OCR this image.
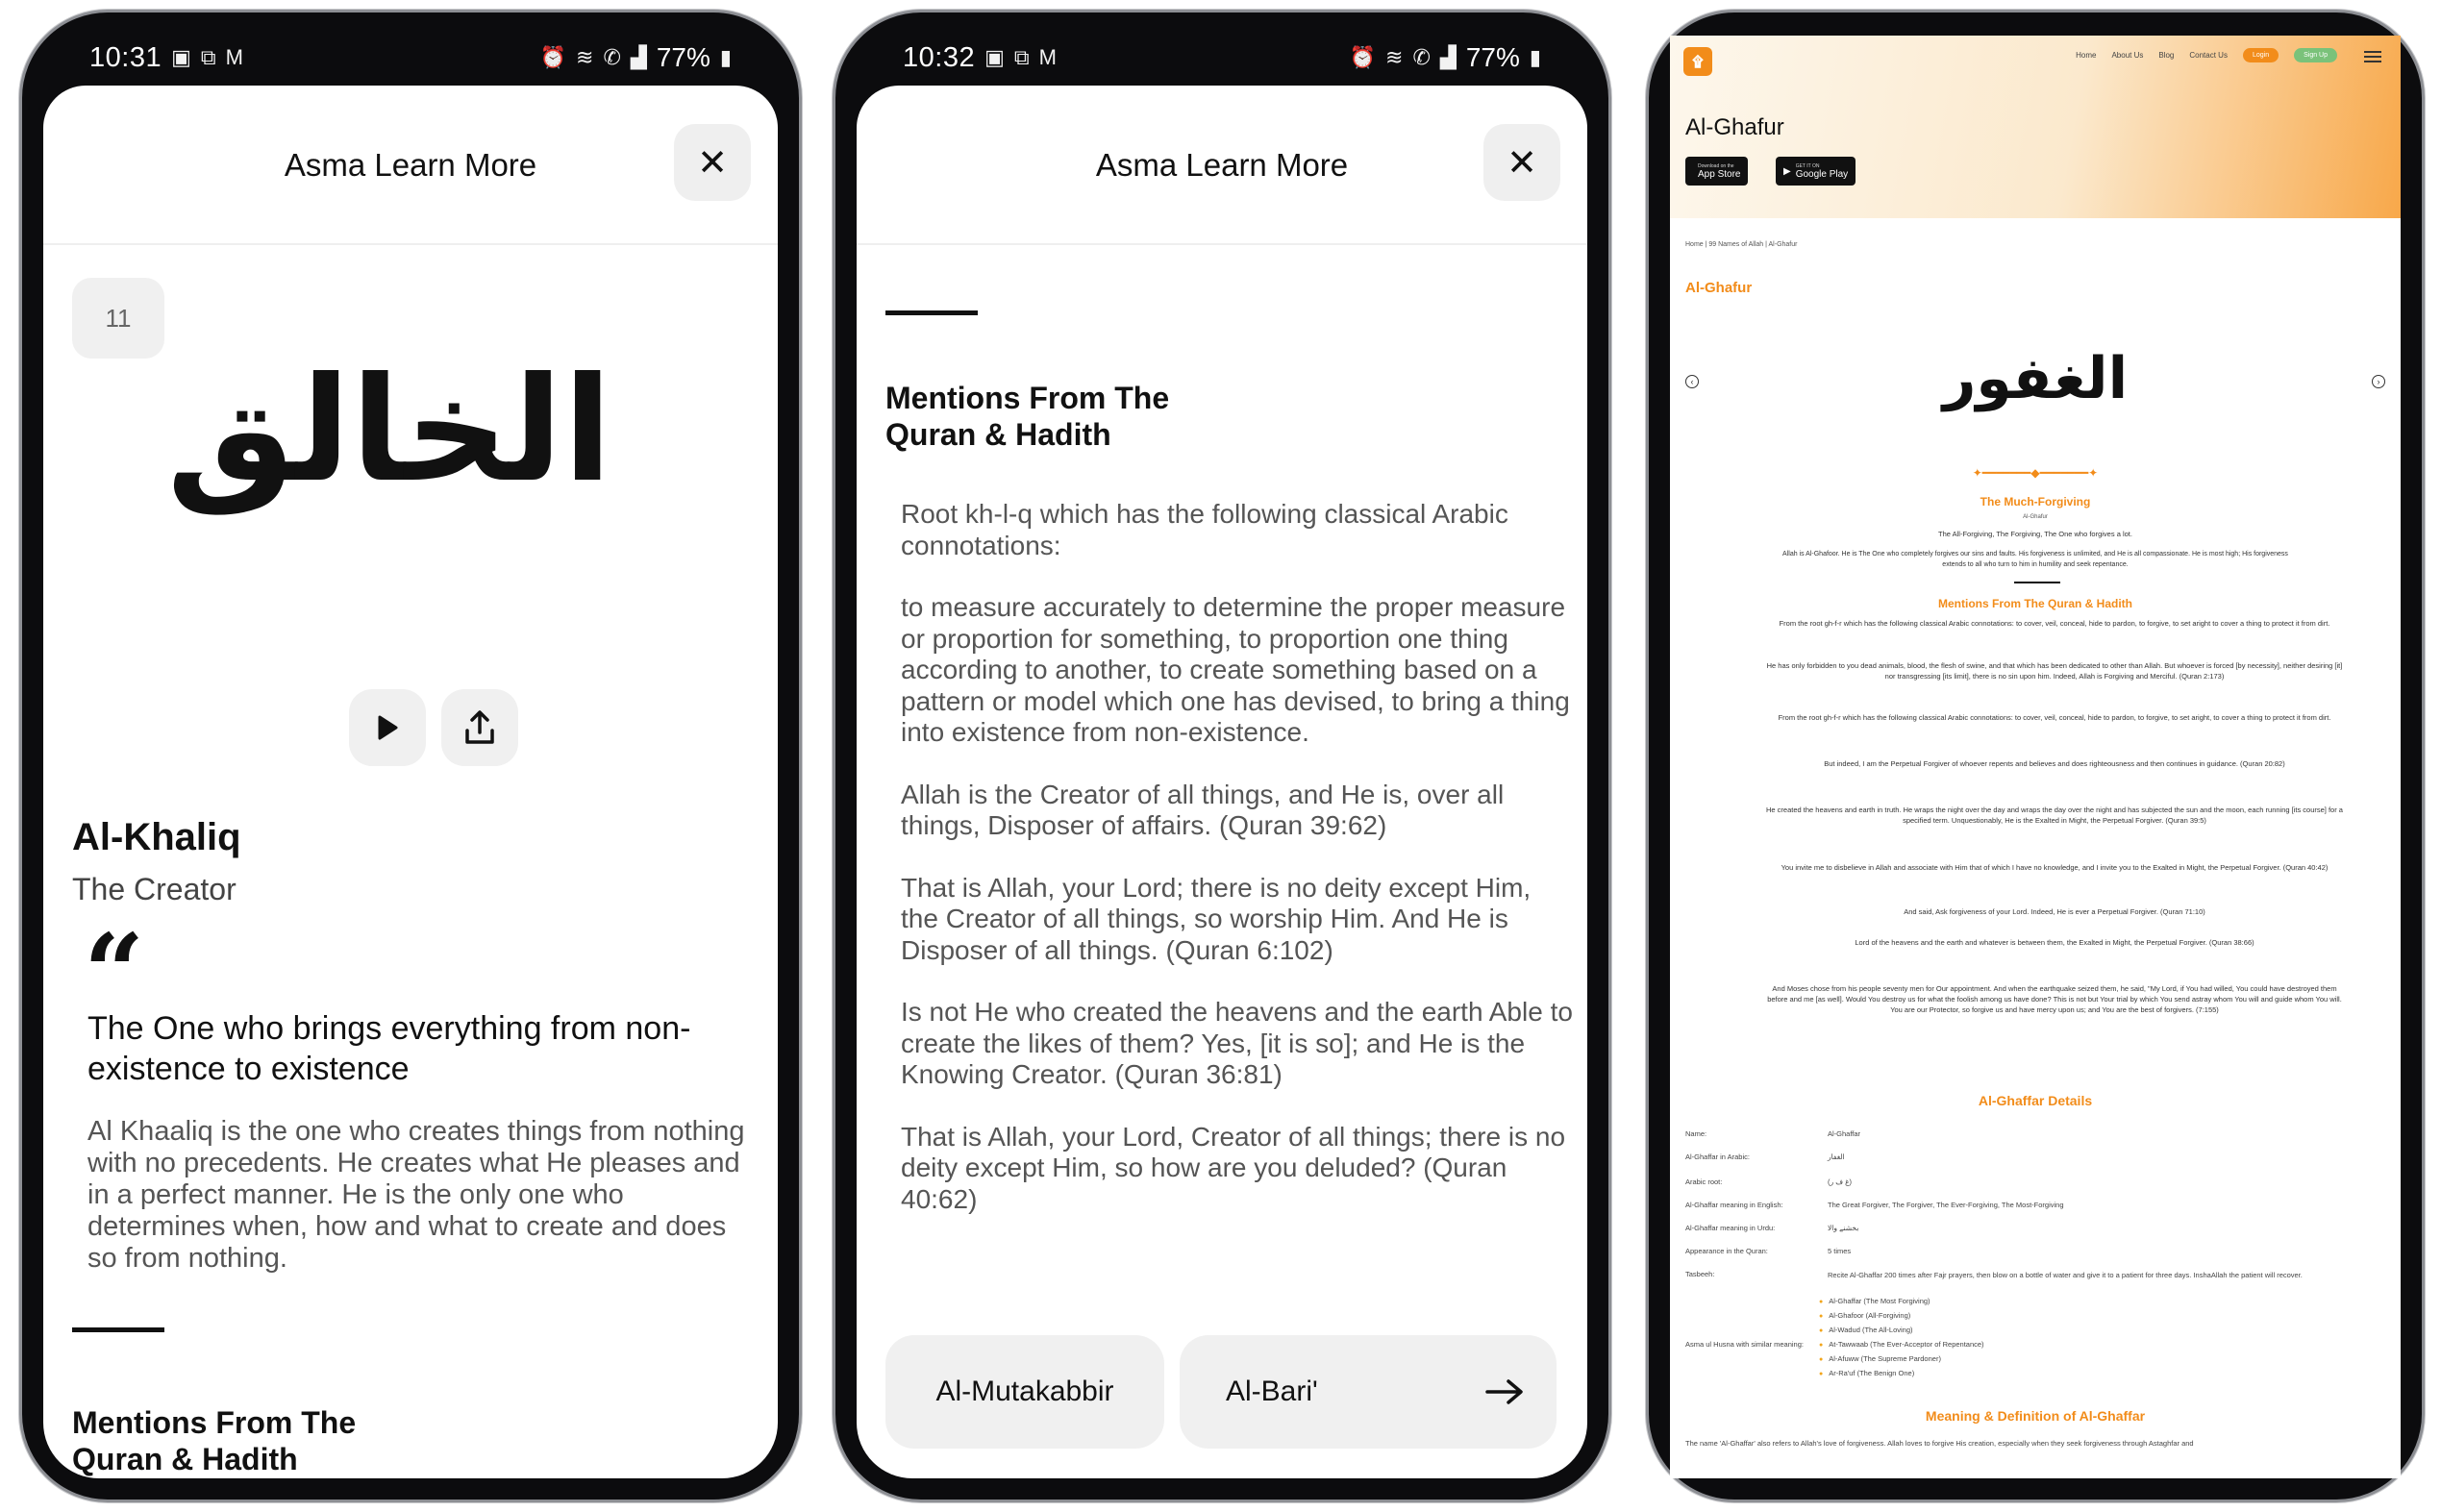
10:31 ▣ ⧉ M	⏰ ≋ ✆ ▟ 77% ▮
Asma Learn More	✕
11
الخالق
Al-Khaliq
The Creator
“
The One who brings everything from non-existence to existence
Al Khaaliq is the one who creates things from nothing with no precedents. He creates what He pleases and in a perfect manner. He is the only one who determines when, how and what to create and does so from nothing.
Mentions From The
Quran & Hadith
10:32 ▣ ⧉ M	⏰ ≋ ✆ ▟ 77% ▮
Asma Learn More	✕
Mentions From The
Quran & Hadith

Root kh-l-q which has the following classical Arabic connotations:

to measure accurately to determine the proper measure or proportion for something, to proportion one thing according to another, to create something based on a pattern or model which one has devised, to bring a thing into existence from non-existence.

Allah is the Creator of all things, and He is, over all things, Disposer of affairs. (Quran 39:62)

That is Allah, your Lord; there is no deity except Him, the Creator of all things, so worship Him. And He is Disposer of all things. (Quran 6:102)

Is not He who created the heavens and the earth Able to create the likes of them? Yes, [it is so]; and He is the Knowing Creator. (Quran 36:81)

That is Allah, your Lord, Creator of all things; there is no deity except Him, so how are you deluded? (Quran 40:62)

Al-Mutakabbir	Al-Bari'
۩	Home About Us Blog Contact Us	Login	Sign Up
Al-Ghafur
Download on the
App Store	▶ GET IT ON
Google Play
Home | 99 Names of Allah | Al-Ghafur
Al-Ghafur
‹	›
الغفور
✦━━━━━━━◆━━━━━━━✦
The Much-Forgiving
Al-Ghafur
The All-Forgiving, The Forgiving, The One who forgives a lot.
Allah is Al-Ghafoor. He is The One who completely forgives our sins and faults. His forgiveness is unlimited, and He is all compassionate. He is most high; His forgiveness extends to all who turn to him in humility and seek repentance.
Mentions From The Quran & Hadith
From the root gh-f-r which has the following classical Arabic connotations: to cover, veil, conceal, hide to pardon, to forgive, to set aright to cover a thing to protect it from dirt.
He has only forbidden to you dead animals, blood, the flesh of swine, and that which has been dedicated to other than Allah. But whoever is forced [by necessity], neither desiring [it] nor transgressing [its limit], there is no sin upon him. Indeed, Allah is Forgiving and Merciful. (Quran 2:173)
From the root gh-f-r which has the following classical Arabic connotations: to cover, veil, conceal, hide to pardon, to forgive, to set aright, to cover a thing to protect it from dirt.
But indeed, I am the Perpetual Forgiver of whoever repents and believes and does righteousness and then continues in guidance. (Quran 20:82)
He created the heavens and earth in truth. He wraps the night over the day and wraps the day over the night and has subjected the sun and the moon, each running [its course] for a specified term. Unquestionably, He is the Exalted in Might, the Perpetual Forgiver. (Quran 39:5)
You invite me to disbelieve in Allah and associate with Him that of which I have no knowledge, and I invite you to the Exalted in Might, the Perpetual Forgiver. (Quran 40:42)
And said, Ask forgiveness of your Lord. Indeed, He is ever a Perpetual Forgiver. (Quran 71:10)
Lord of the heavens and the earth and whatever is between them, the Exalted in Might, the Perpetual Forgiver. (Quran 38:66)
And Moses chose from his people seventy men for Our appointment. And when the earthquake seized them, he said, "My Lord, if You had willed, You could have destroyed them before and me [as well]. Would You destroy us for what the foolish among us have done? This is not but Your trial by which You send astray whom You will and guide whom You will. You are our Protector, so forgive us and have mercy upon us; and You are the best of forgivers. (7:155)
Al-Ghaffar Details
Name:	Al-Ghaffar
Al-Ghaffar in Arabic:	الغفار
Arabic root:	(غ ف ر)
Al-Ghaffar meaning in English:	The Great Forgiver, The Forgiver, The Ever-Forgiving, The Most-Forgiving
Al-Ghaffar meaning in Urdu:	بخشنے والا
Appearance in the Quran:	5 times
Tasbeeh:	Recite Al-Ghaffar 200 times after Fajr prayers, then blow on a bottle of water and give it to a patient for three days. InshaAllah the patient will recover.
Asma ul Husna with similar meaning:
● Al-Ghaffar (The Most Forgiving)
● Al-Ghafoor (All-Forgiving)
● Al-Wadud (The All-Loving)
● At-Tawwaab (The Ever-Acceptor of Repentance)
● Al-Afuww (The Supreme Pardoner)
● Ar-Ra'uf (The Benign One)
Meaning & Definition of Al-Ghaffar
The name 'Al-Ghaffar' also refers to Allah's love of forgiveness. Allah loves to forgive His creation, especially when they seek forgiveness through Astaghfar and
